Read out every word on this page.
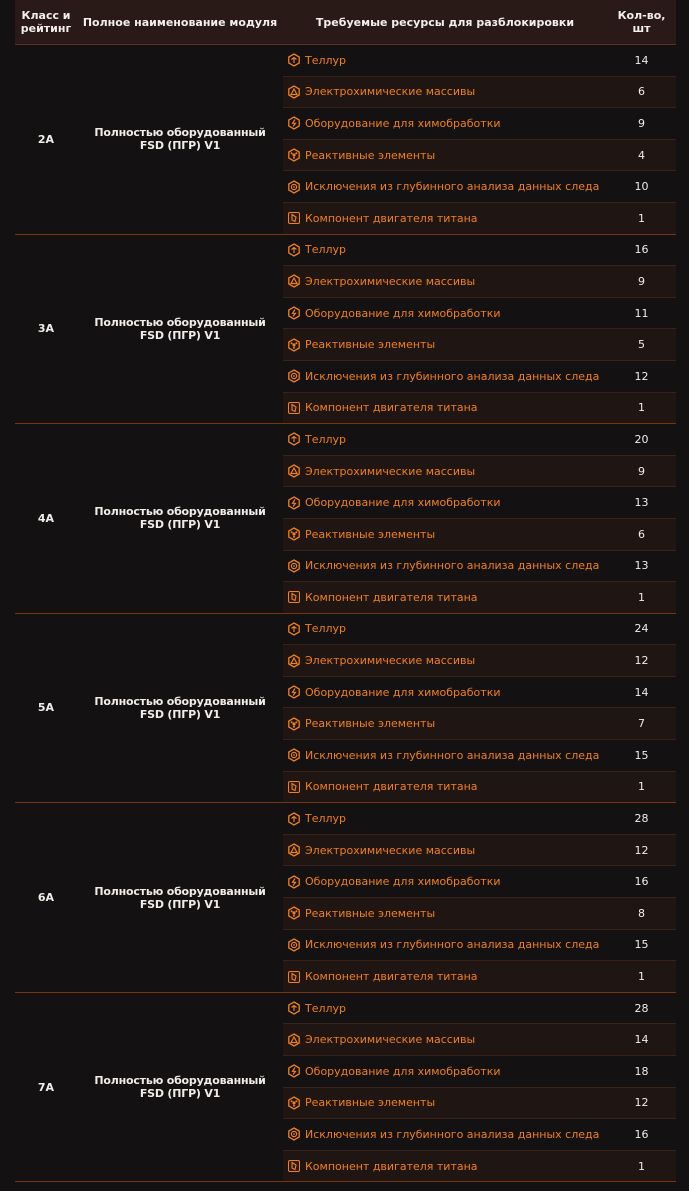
Класс и рейтинг	Полное наименование модуля	Требуемые ресурсы для разблокировки	Кол-во, шт
2A	Полностью оборудованный FSD (ПГР) V1	Теллур	14

		Электрохимические массивы	6

		Оборудование для химобработки	9

		Реактивные элементы	4

		Исключения из глубинного анализа данных следа	10

		Компонент двигателя титана	1
3A	Полностью оборудованный FSD (ПГР) V1	Теллур	16

		Электрохимические массивы	9

		Оборудование для химобработки	11

		Реактивные элементы	5

		Исключения из глубинного анализа данных следа	12

		Компонент двигателя титана	1
4A	Полностью оборудованный FSD (ПГР) V1	Теллур	20

		Электрохимические массивы	9

		Оборудование для химобработки	13

		Реактивные элементы	6

		Исключения из глубинного анализа данных следа	13

		Компонент двигателя титана	1
5A	Полностью оборудованный FSD (ПГР) V1	Теллур	24

		Электрохимические массивы	12

		Оборудование для химобработки	14

		Реактивные элементы	7

		Исключения из глубинного анализа данных следа	15

		Компонент двигателя титана	1
6A	Полностью оборудованный FSD (ПГР) V1	Теллур	28

		Электрохимические массивы	12

		Оборудование для химобработки	16

		Реактивные элементы	8

		Исключения из глубинного анализа данных следа	15

		Компонент двигателя титана	1
7A	Полностью оборудованный FSD (ПГР) V1	Теллур	28

		Электрохимические массивы	14

		Оборудование для химобработки	18

		Реактивные элементы	12

		Исключения из глубинного анализа данных следа	16

		Компонент двигателя титана	1
